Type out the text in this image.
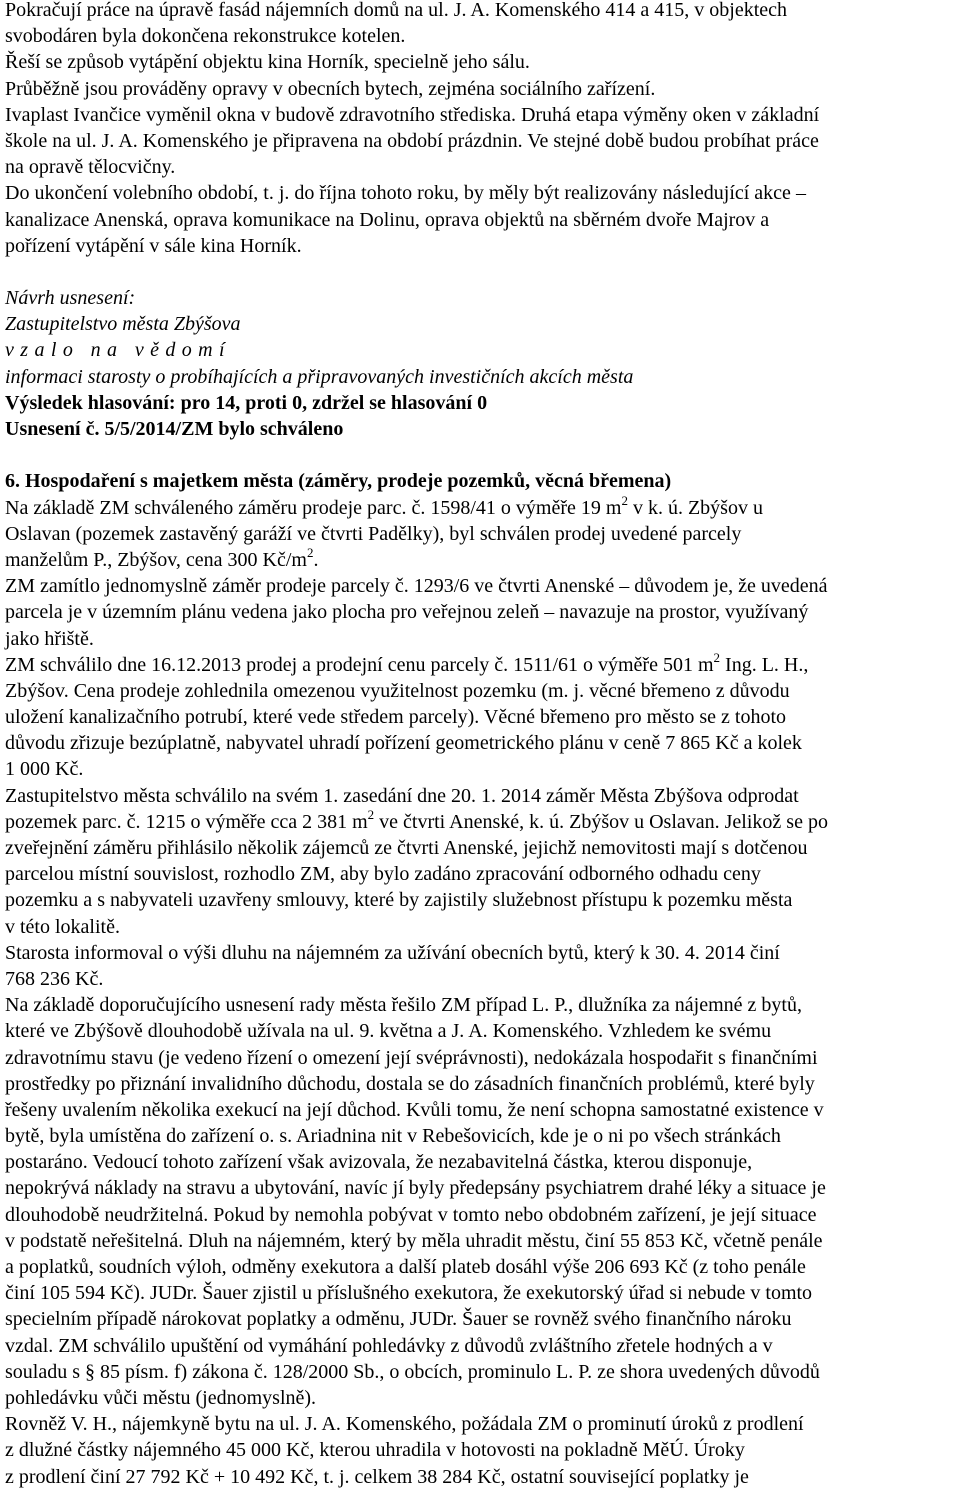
Pokračují práce na úpravě fasád nájemních domů na ul. J. A. Komenského 414 a 415, v objektech
svobodáren byla dokončena rekonstrukce kotelen.
Řeší se způsob vytápění objektu kina Horník, specielně jeho sálu.
Průběžně jsou prováděny opravy v obecních bytech, zejména sociálního zařízení.
Ivaplast Ivančice vyměnil okna v budově zdravotního střediska. Druhá etapa výměny oken v základní
škole na ul. J. A. Komenského je připravena na období prázdnin. Ve stejné době budou probíhat práce
na opravě tělocvičny.
Do ukončení volebního období, t. j. do října tohoto roku, by měly být realizovány následující akce –
kanalizace Anenská, oprava komunikace na Dolinu, oprava objektů na sběrném dvoře Majrov a
pořízení vytápění v sále kina Horník.
Návrh usnesení:
Zastupitelstvo města Zbýšova
vzalo na vědomí
informaci starosty o probíhajících a připravovaných investičních akcích města
Výsledek hlasování: pro 14, proti 0, zdržel se hlasování 0
Usnesení č. 5/5/2014/ZM bylo schváleno
6. Hospodaření s majetkem města (záměry, prodeje pozemků, věcná břemena)
Na základě ZM schváleného záměru prodeje parc. č. 1598/41 o výměře 19 $m^2$ v k. ú. Zbýšov u
Oslavan (pozemek zastavěný garáží ve čtvrti Padělky), byl schválen prodej uvedené parcely
manželům P., Zbýšov, cena 300 $Kč/m^2$.
ZM zamítlo jednomyslně záměr prodeje parcely č. 1293/6 ve čtvrti Anenské – důvodem je, že uvedená
parcela je v územním plánu vedena jako plocha pro veřejnou zeleň – navazuje na prostor, využívaný
jako hřiště.
ZM schválilo dne 16.12.2013 prodej a prodejní cenu parcely č. 1511/61 o výměře 501 $m^2$ Ing. L. H.,
Zbýšov. Cena prodeje zohlednila omezenou využitelnost pozemku (m. j. věcné břemeno z důvodu
uložení kanalizačního potrubí, které vede středem parcely). Věcné břemeno pro město se z tohoto
důvodu zřizuje bezúplatně, nabyvatel uhradí pořízení geometrického plánu v ceně 7 865 Kč a kolek
1 000 Kč.
Zastupitelstvo města schválilo na svém 1. zasedání dne 20. 1. 2014 záměr Města Zbýšova odprodat
pozemek parc. č. 1215 o výměře cca 2 381 $m^2$ ve čtvrti Anenské, k. ú. Zbýšov u Oslavan. Jelikož se po
zveřejnění záměru přihlásilo několik zájemců ze čtvrti Anenské, jejichž nemovitosti mají s dotčenou
parcelou místní souvislost, rozhodlo ZM, aby bylo zadáno zpracování odborného odhadu ceny
pozemku a s nabyvateli uzavřeny smlouvy, které by zajistily služebnost přístupu k pozemku města
v této lokalitě.
Starosta informoval o výši dluhu na nájemném za užívání obecních bytů, který k 30. 4. 2014 činí
768 236 Kč.
Na základě doporučujícího usnesení rady města řešilo ZM případ L. P., dlužníka za nájemné z bytů,
které ve Zbýšově dlouhodobě užívala na ul. 9. května a J. A. Komenského. Vzhledem ke svému
zdravotnímu stavu (je vedeno řízení o omezení její svéprávnosti), nedokázala hospodařit s finančními
prostředky po přiznání invalidního důchodu, dostala se do zásadních finančních problémů, které byly
řešeny uvalením několika exekucí na její důchod. Kvůli tomu, že není schopna samostatné existence v
bytě, byla umístěna do zařízení o. s. Ariadnina nit v Rebešovicích, kde je o ni po všech stránkách
postaráno. Vedoucí tohoto zařízení však avizovala, že nezabavitelná částka, kterou disponuje,
nepokrývá náklady na stravu a ubytování, navíc jí byly předepsány psychiatrem drahé léky a situace je
dlouhodobě neudržitelná. Pokud by nemohla pobývat v tomto nebo obdobném zařízení, je její situace
v podstatě neřešitelná. Dluh na nájemném, který by měla uhradit městu, činí 55 853 Kč, včetně penále
a poplatků, soudních výloh, odměny exekutora a další plateb dosáhl výše 206 693 Kč (z toho penále
činí 105 594 Kč). JUDr. Šauer zjistil u příslušného exekutora, že exekutorský úřad si nebude v tomto
specielním případě nárokovat poplatky a odměnu, JUDr. Šauer se rovněž svého finančního nároku
vzdal. ZM schválilo upuštění od vymáhání pohledávky z důvodů zvláštního zřetele hodných a v
souladu s § 85 písm. f) zákona č. 128/2000 Sb., o obcích, prominulo L. P. ze shora uvedených důvodů
pohledávku vůči městu (jednomyslně).
Rovněž V. H., nájemkyně bytu na ul. J. A. Komenského, požádala ZM o prominutí úroků z prodlení
z dlužné částky nájemného 45 000 Kč, kterou uhradila v hotovosti na pokladně MěÚ. Úroky
z prodlení činí 27 792 Kč + 10 492 Kč, t. j. celkem 38 284 Kč, ostatní související poplatky je
